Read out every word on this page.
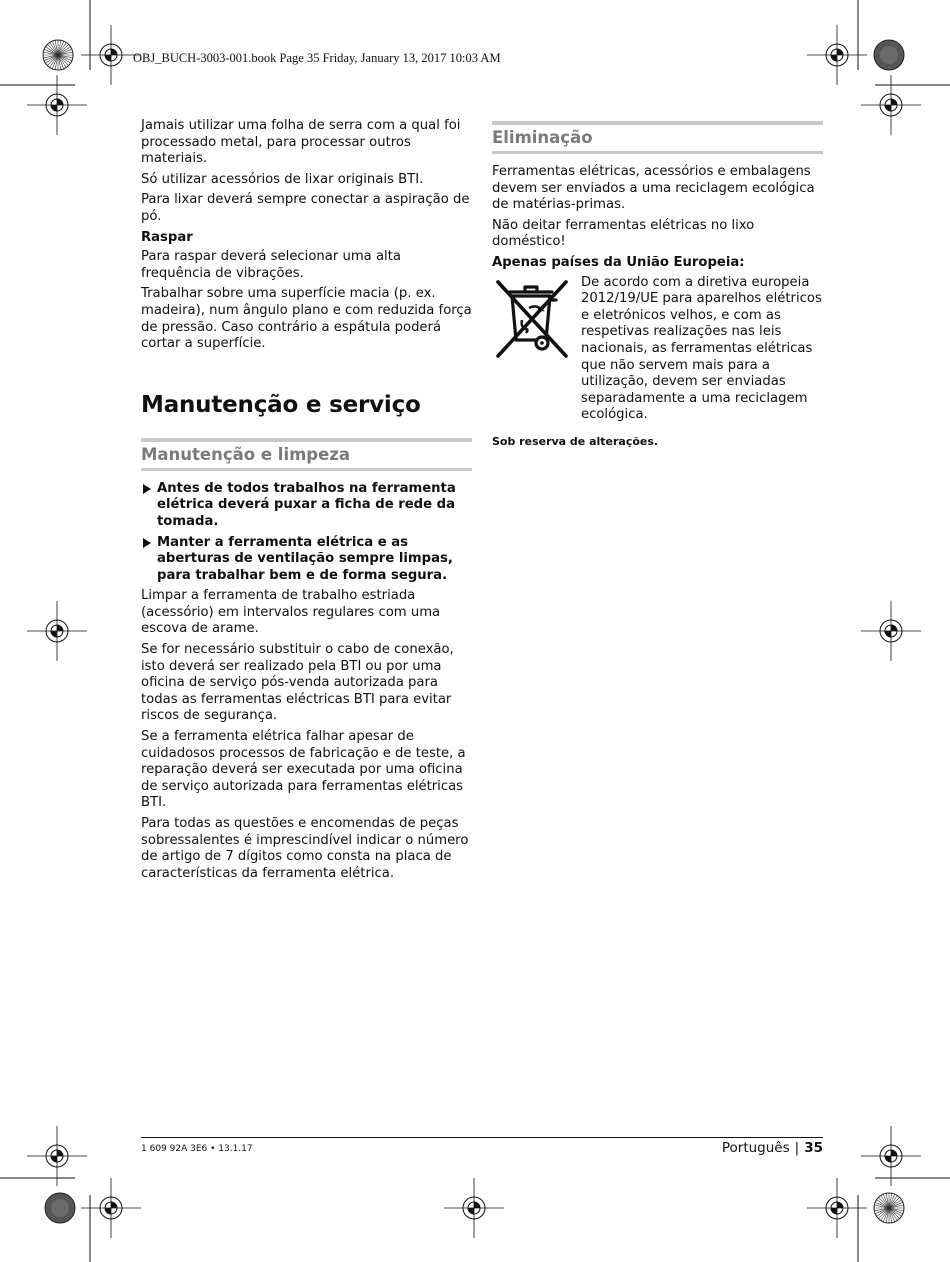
OBJ_BUCH-3003-001.book Page 35 Friday, January 13, 2017 10:03 AM

Jamais utilizar uma folha de serra com a qual foi processado metal, para processar outros materiais.

Só utilizar acessórios de lixar originais BTI.

Para lixar deverá sempre conectar a aspiração de pó.

Raspar

Para raspar deverá selecionar uma alta frequência de vibrações.

Trabalhar sobre uma superfície macia (p. ex. madeira), num ângulo plano e com reduzida força de pressão. Caso contrário a espátula poderá cortar a superfície.

Manutenção e serviço
Manutenção e limpeza
Antes de todos trabalhos na ferramenta elétrica deverá puxar a ficha de rede da tomada.
Manter a ferramenta elétrica e as aberturas de ventilação sempre limpas, para trabalhar bem e de forma segura.

Limpar a ferramenta de trabalho estriada (acessório) em intervalos regulares com uma escova de arame.

Se for necessário substituir o cabo de conexão, isto deverá ser realizado pela BTI ou por uma oficina de serviço pós-venda autorizada para todas as ferramentas eléctricas BTI para evitar riscos de segurança.

Se a ferramenta elétrica falhar apesar de cuidadosos processos de fabricação e de teste, a reparação deverá ser executada por uma oficina de serviço autorizada para ferramentas elétricas BTI.

Para todas as questões e encomendas de peças sobressalentes é imprescindível indicar o número de artigo de 7 dígitos como consta na placa de características da ferramenta elétrica.

Eliminação

Ferramentas elétricas, acessórios e embalagens devem ser enviados a uma reciclagem ecológica de matérias-primas.

Não deitar ferramentas elétricas no lixo doméstico!

Apenas países da União Europeia:
De acordo com a diretiva europeia 2012/19/UE para aparelhos elétricos e eletrónicos velhos, e com as respetivas realizações nas leis nacionais, as ferramentas elétricas que não servem mais para a utilização, devem ser enviadas separadamente a uma reciclagem ecológica.
Sob reserva de alterações.
1 609 92A 3E6 • 13.1.17	Português | 35
